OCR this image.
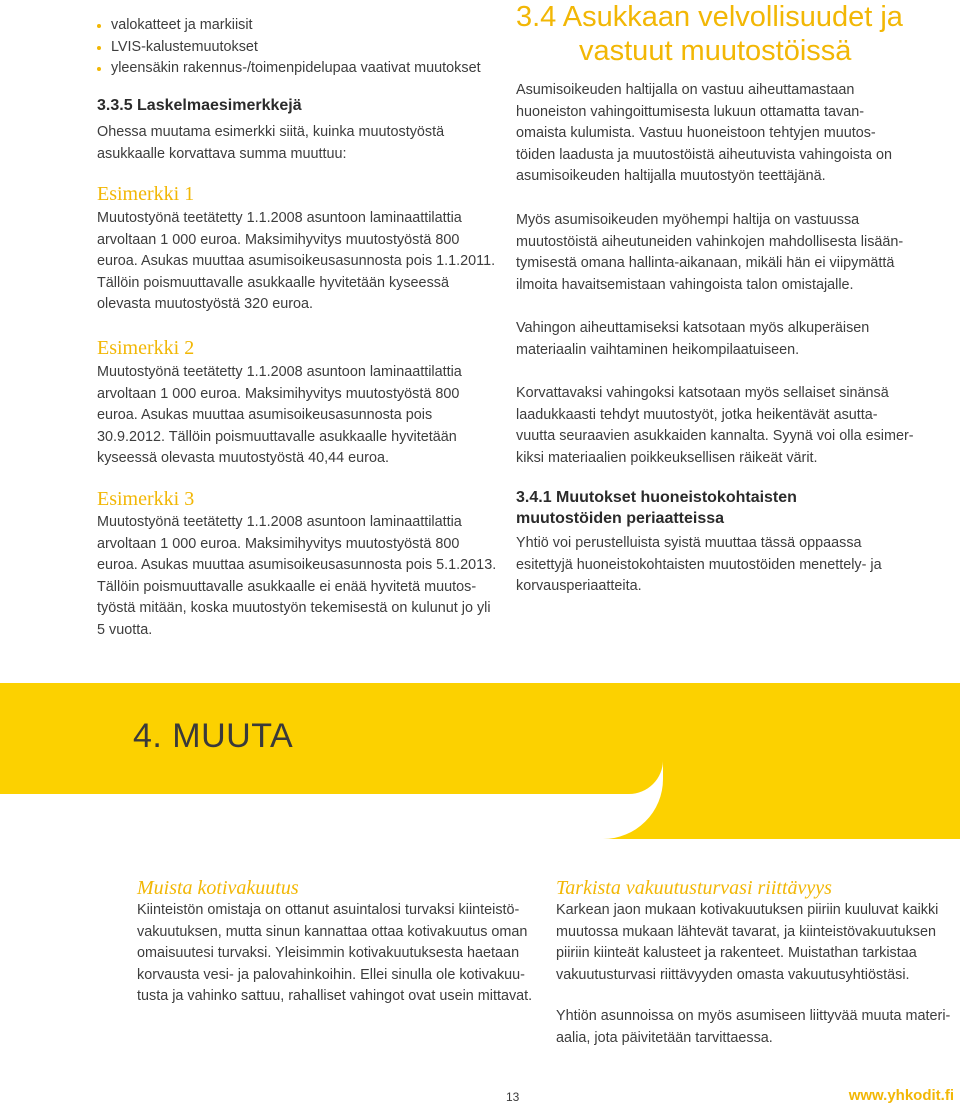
valokatteet ja markiisit
LVIS-kalustemuutokset
yleensäkin rakennus-/toimenpidelupaa vaativat muutokset
3.3.5 Laskelmaesimerkkejä
Ohessa muutama esimerkki siitä, kuinka muutostyöstä
asukkaalle korvattava summa muuttuu:
Esimerkki 1
Muutostyönä teetätetty 1.1.2008 asuntoon laminaattilattia
arvoltaan 1 000 euroa. Maksimihyvitys muutostyöstä 800
euroa. Asukas muuttaa asumisoikeusasunnosta pois 1.1.2011.
Tällöin poismuuttavalle asukkaalle hyvitetään kyseessä
olevasta muutostyöstä 320 euroa.
Esimerkki 2
Muutostyönä teetätetty 1.1.2008 asuntoon laminaattilattia
arvoltaan 1 000 euroa. Maksimihyvitys muutostyöstä 800
euroa. Asukas muuttaa asumisoikeusasunnosta pois
30.9.2012. Tällöin poismuuttavalle asukkaalle hyvitetään
kyseessä olevasta muutostyöstä 40,44 euroa.
Esimerkki 3
Muutostyönä teetätetty 1.1.2008 asuntoon laminaattilattia
arvoltaan 1 000 euroa. Maksimihyvitys muutostyöstä 800
euroa. Asukas muuttaa asumisoikeusasunnosta pois 5.1.2013.
Tällöin poismuuttavalle asukkaalle ei enää hyvitetä muutos-
työstä mitään, koska muutostyön tekemisestä on kulunut jo yli
5 vuotta.
3.4 Asukkaan velvollisuudet ja
vastuut muutostöissä
Asumisoikeuden haltijalla on vastuu aiheuttamastaan
huoneiston vahingoittumisesta lukuun ottamatta tavan-
omaista kulumista. Vastuu huoneistoon tehtyjen muutos-
töiden laadusta ja muutostöistä aiheutuvista vahingoista on
asumisoikeuden haltijalla muutostyön teettäjänä.
Myös asumisoikeuden myöhempi haltija on vastuussa
muutostöistä aiheutuneiden vahinkojen mahdollisesta lisään-
tymisestä omana hallinta-aikanaan, mikäli hän ei viipymättä
ilmoita havaitsemistaan vahingoista talon omistajalle.
Vahingon aiheuttamiseksi katsotaan myös alkuperäisen
materiaalin vaihtaminen heikompilaatuiseen.
Korvattavaksi vahingoksi katsotaan myös sellaiset sinänsä
laadukkaasti tehdyt muutostyöt, jotka heikentävät asutta-
vuutta seuraavien asukkaiden kannalta. Syynä voi olla esimer-
kiksi materiaalien poikkeuksellisen räikeät värit.
3.4.1 Muutokset huoneistokohtaisten
muutostöiden periaatteissa
Yhtiö voi perustelluista syistä muuttaa tässä oppaassa
esitettyjä huoneistokohtaisten muutostöiden menettely- ja
korvausperiaatteita.
4. MUUTA
Muista kotivakuutus
Kiinteistön omistaja on ottanut asuintalosi turvaksi kiinteistö-
vakuutuksen, mutta sinun kannattaa ottaa kotivakuutus oman
omaisuutesi turvaksi. Yleisimmin kotivakuutuksesta haetaan
korvausta vesi- ja palovahinkoihin. Ellei sinulla ole kotivakuu-
tusta ja vahinko sattuu, rahalliset vahingot ovat usein mittavat.
Tarkista vakuutusturvasi riittävyys
Karkean jaon mukaan kotivakuutuksen piiriin kuuluvat kaikki
muutossa mukaan lähtevät tavarat, ja kiinteistövakuutuksen
piiriin kiinteät kalusteet ja rakenteet. Muistathan tarkistaa
vakuutusturvasi riittävyyden omasta vakuutusyhtiöstäsi.
Yhtiön asunnoissa on myös asumiseen liittyvää muuta materi-
aalia, jota päivitetään tarvittaessa.
13	www.yhkodit.fi
